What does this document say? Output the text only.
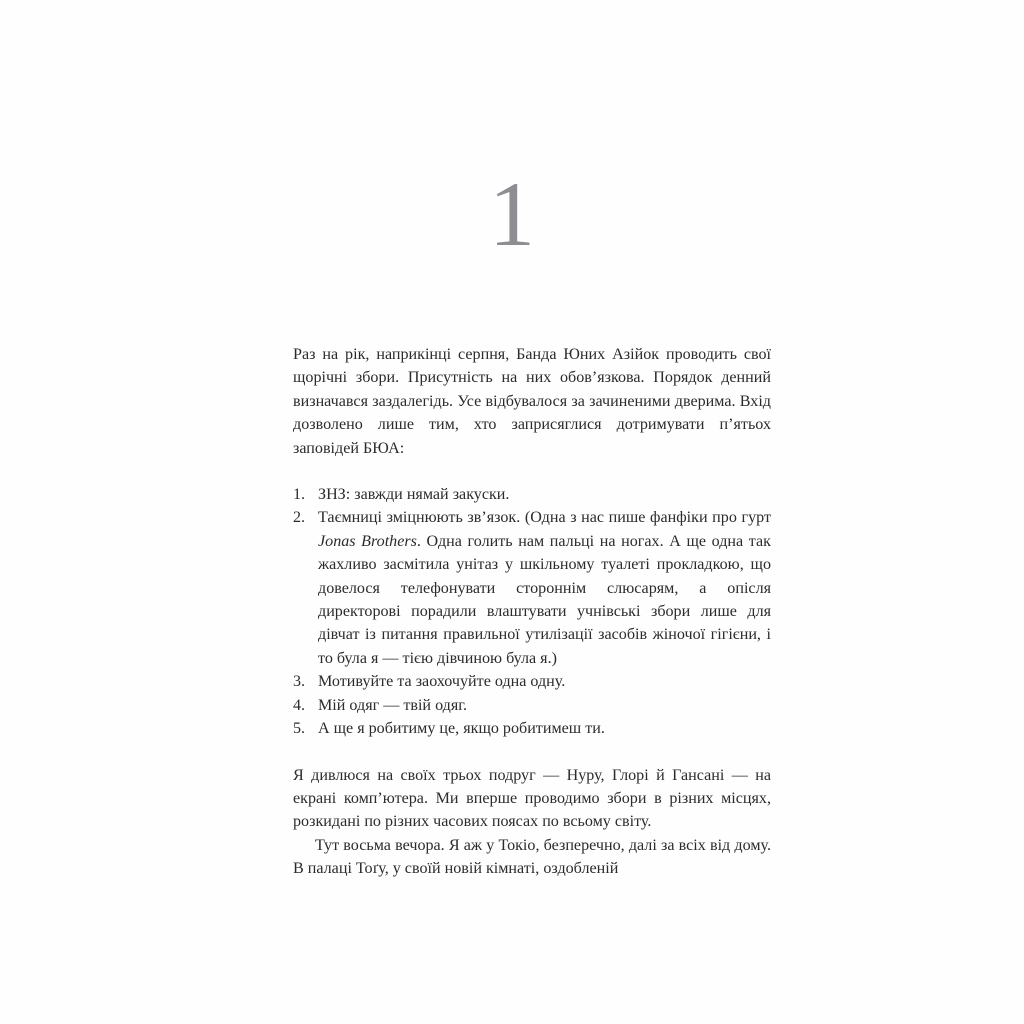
1

Раз на рік, наприкінці серпня, Банда Юних Азійок проводить свої щорічні збори. Присутність на них обов’язкова. Порядок денний визначався заздалегідь. Усе відбувалося за зачиненими дверима. Вхід дозволено лише тим, хто заприсяглися дотримувати п’ятьох заповідей БЮА:

1. ЗНЗ: завжди нямай закуски.
2. Таємниці зміцнюють зв’язок. (Одна з нас пише фанфіки про гурт Jonas Brothers. Одна голить нам пальці на ногах. А ще одна так жахливо засмітила унітаз у шкільному туалеті прокладкою, що довелося телефонувати стороннім слюсарям, а опісля директорові порадили влаштувати учнівські збори лише для дівчат із питання правильної утилізації засобів жіночої гігієни, і то була я — тією дівчиною була я.)
3. Мотивуйте та заохочуйте одна одну.
4. Мій одяг — твій одяг.
5. А ще я робитиму це, якщо робитимеш ти.

Я дивлюся на своїх трьох подруг — Нуру, Глорі й Гансані — на екрані комп’ютера. Ми вперше проводимо збори в різних місцях, розкидані по різних часових поясах по всьому світу.

Тут восьма вечора. Я аж у Токіо, безперечно, далі за всіх від дому. В палаці Тоґу, у своїй новій кімнаті, оздобленій
